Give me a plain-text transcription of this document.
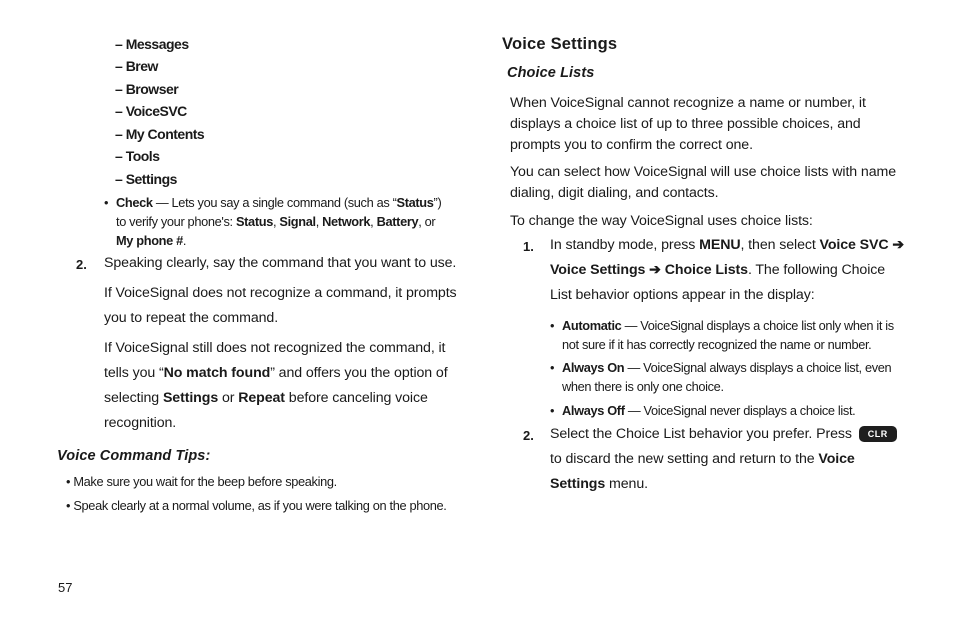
– Messages
– Brew
– Browser
– VoiceSVC
– My Contents
– Tools
– Settings
• Check — Lets you say a single command (such as “Status”) to verify your phone's: Status, Signal, Network, Battery, or My phone #.
2. Speaking clearly, say the command that you want to use.
If VoiceSignal does not recognize a command, it prompts you to repeat the command.
If VoiceSignal still does not recognized the command, it tells you “No match found” and offers you the option of selecting Settings or Repeat before canceling voice recognition.
Voice Command Tips:
• Make sure you wait for the beep before speaking.
• Speak clearly at a normal volume, as if you were talking on the phone.
57
Voice Settings
Choice Lists
When VoiceSignal cannot recognize a name or number, it displays a choice list of up to three possible choices, and prompts you to confirm the correct one.
You can select how VoiceSignal will use choice lists with name dialing, digit dialing, and contacts.
To change the way VoiceSignal uses choice lists:
1. In standby mode, press MENU, then select Voice SVC ➔ Voice Settings ➔ Choice Lists. The following Choice List behavior options appear in the display:
• Automatic — VoiceSignal displays a choice list only when it is not sure if it has correctly recognized the name or number.
• Always On — VoiceSignal always displays a choice list, even when there is only one choice.
• Always Off — VoiceSignal never displays a choice list.
2. Select the Choice List behavior you prefer. Press CLR to discard the new setting and return to the Voice Settings menu.
